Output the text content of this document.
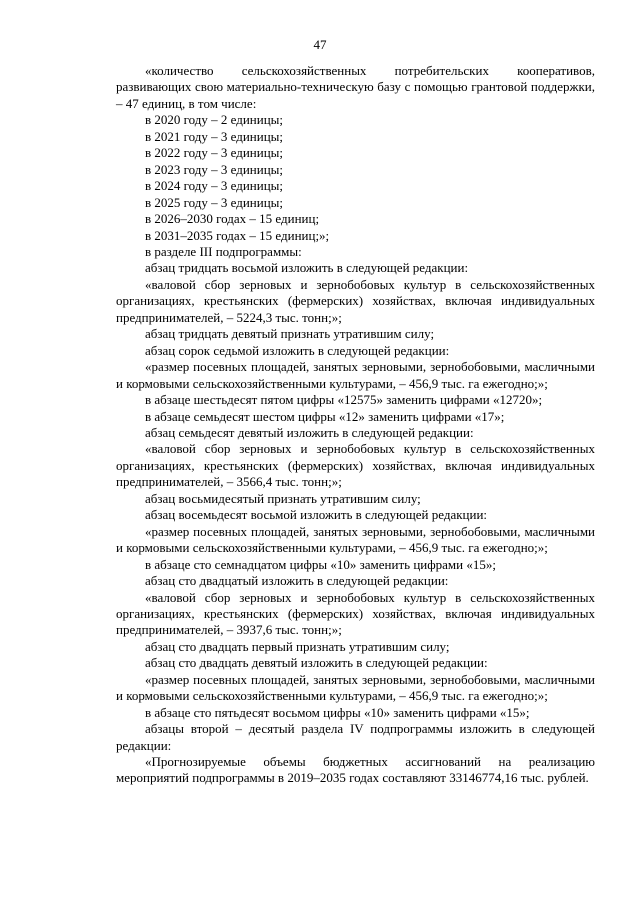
47

«количество сельскохозяйственных потребительских кооперативов, развивающих свою материально-техническую базу с помощью грантовой поддержки, – 47 единиц, в том числе:

в 2020 году – 2 единицы;

в 2021 году – 3 единицы;

в 2022 году – 3 единицы;

в 2023 году – 3 единицы;

в 2024 году – 3 единицы;

в 2025 году – 3 единицы;

в 2026–2030 годах – 15 единиц;

в 2031–2035 годах – 15 единиц;»;

в разделе III подпрограммы:

абзац тридцать восьмой изложить в следующей редакции:

«валовой сбор зерновых и зернобобовых культур в сельскохозяйственных организациях, крестьянских (фермерских) хозяйствах, включая индивидуальных предпринимателей, – 5224,3 тыс. тонн;»;

абзац тридцать девятый признать утратившим силу;

абзац сорок седьмой изложить в следующей редакции:

«размер посевных площадей, занятых зерновыми, зернобобовыми, масличными и кормовыми сельскохозяйственными культурами, – 456,9 тыс. га ежегодно;»;

в абзаце шестьдесят пятом цифры «12575» заменить цифрами «12720»;

в абзаце семьдесят шестом цифры «12» заменить цифрами «17»;

абзац семьдесят девятый изложить в следующей редакции:

«валовой сбор зерновых и зернобобовых культур в сельскохозяйственных организациях, крестьянских (фермерских) хозяйствах, включая индивидуальных предпринимателей, – 3566,4 тыс. тонн;»;

абзац восьмидесятый признать утратившим силу;

абзац восемьдесят восьмой изложить в следующей редакции:

«размер посевных площадей, занятых зерновыми, зернобобовыми, масличными и кормовыми сельскохозяйственными культурами, – 456,9 тыс. га ежегодно;»;

в абзаце сто семнадцатом цифры «10» заменить цифрами «15»;

абзац сто двадцатый изложить в следующей редакции:

«валовой сбор зерновых и зернобобовых культур в сельскохозяйственных организациях, крестьянских (фермерских) хозяйствах, включая индивидуальных предпринимателей, – 3937,6 тыс. тонн;»;

абзац сто двадцать первый признать утратившим силу;

абзац сто двадцать девятый изложить в следующей редакции:

«размер посевных площадей, занятых зерновыми, зернобобовыми, масличными и кормовыми сельскохозяйственными культурами, – 456,9 тыс. га ежегодно;»;

в абзаце сто пятьдесят восьмом цифры «10» заменить цифрами «15»;

абзацы второй – десятый раздела IV подпрограммы изложить в следующей редакции:

«Прогнозируемые объемы бюджетных ассигнований на реализацию мероприятий подпрограммы в 2019–2035 годах составляют 33146774,16 тыс. рублей.
